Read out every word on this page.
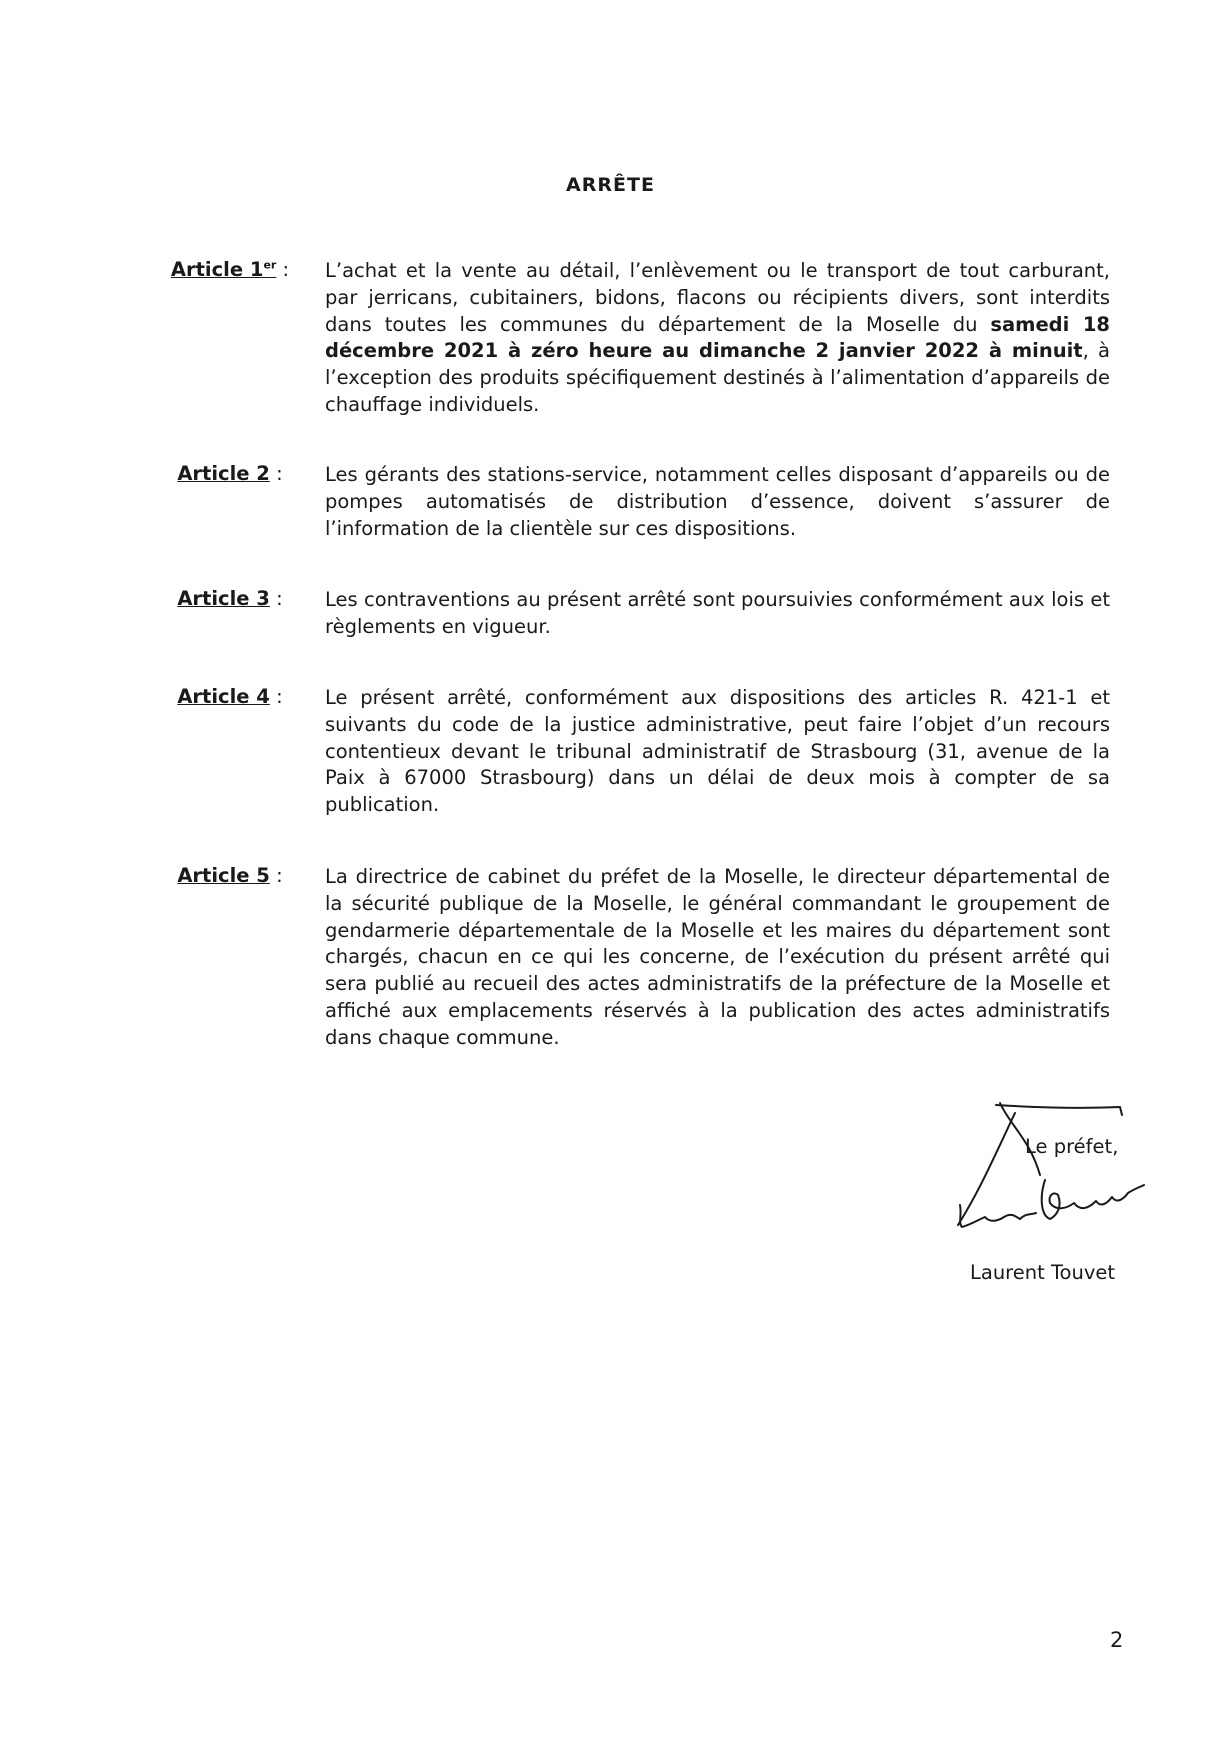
ARRÊTE
Article 1er :	L’achat et la vente au détail, l’enlèvement ou le transport de tout carburant, par jerricans, cubitainers, bidons, flacons ou récipients divers, sont interdits dans toutes les communes du département de la Moselle du samedi 18 décembre 2021 à zéro heure au dimanche 2 janvier 2022 à minuit, à l’exception des produits spécifiquement destinés à l’alimentation d’appareils de chauffage individuels.
Article 2 :	Les gérants des stations-service, notamment celles disposant d’appareils ou de pompes automatisés de distribution d’essence, doivent s’assurer de l’information de la clientèle sur ces dispositions.
Article 3 :	Les contraventions au présent arrêté sont poursuivies conformément aux lois et règlements en vigueur.
Article 4 :	Le présent arrêté, conformément aux dispositions des articles R. 421-1 et suivants du code de la justice administrative, peut faire l’objet d’un recours contentieux devant le tribunal administratif de Strasbourg (31, avenue de la Paix à 67000 Strasbourg) dans un délai de deux mois à compter de sa publication.
Article 5 :	La directrice de cabinet du préfet de la Moselle, le directeur départemental de la sécurité publique de la Moselle, le général commandant le groupement de gendarmerie départementale de la Moselle et les maires du département sont chargés, chacun en ce qui les concerne, de l’exécution du présent arrêté qui sera publié au recueil des actes administratifs de la préfecture de la Moselle et affiché aux emplacements réservés à la publication des actes administratifs dans chaque commune.
Le préfet,
Laurent Touvet
2
